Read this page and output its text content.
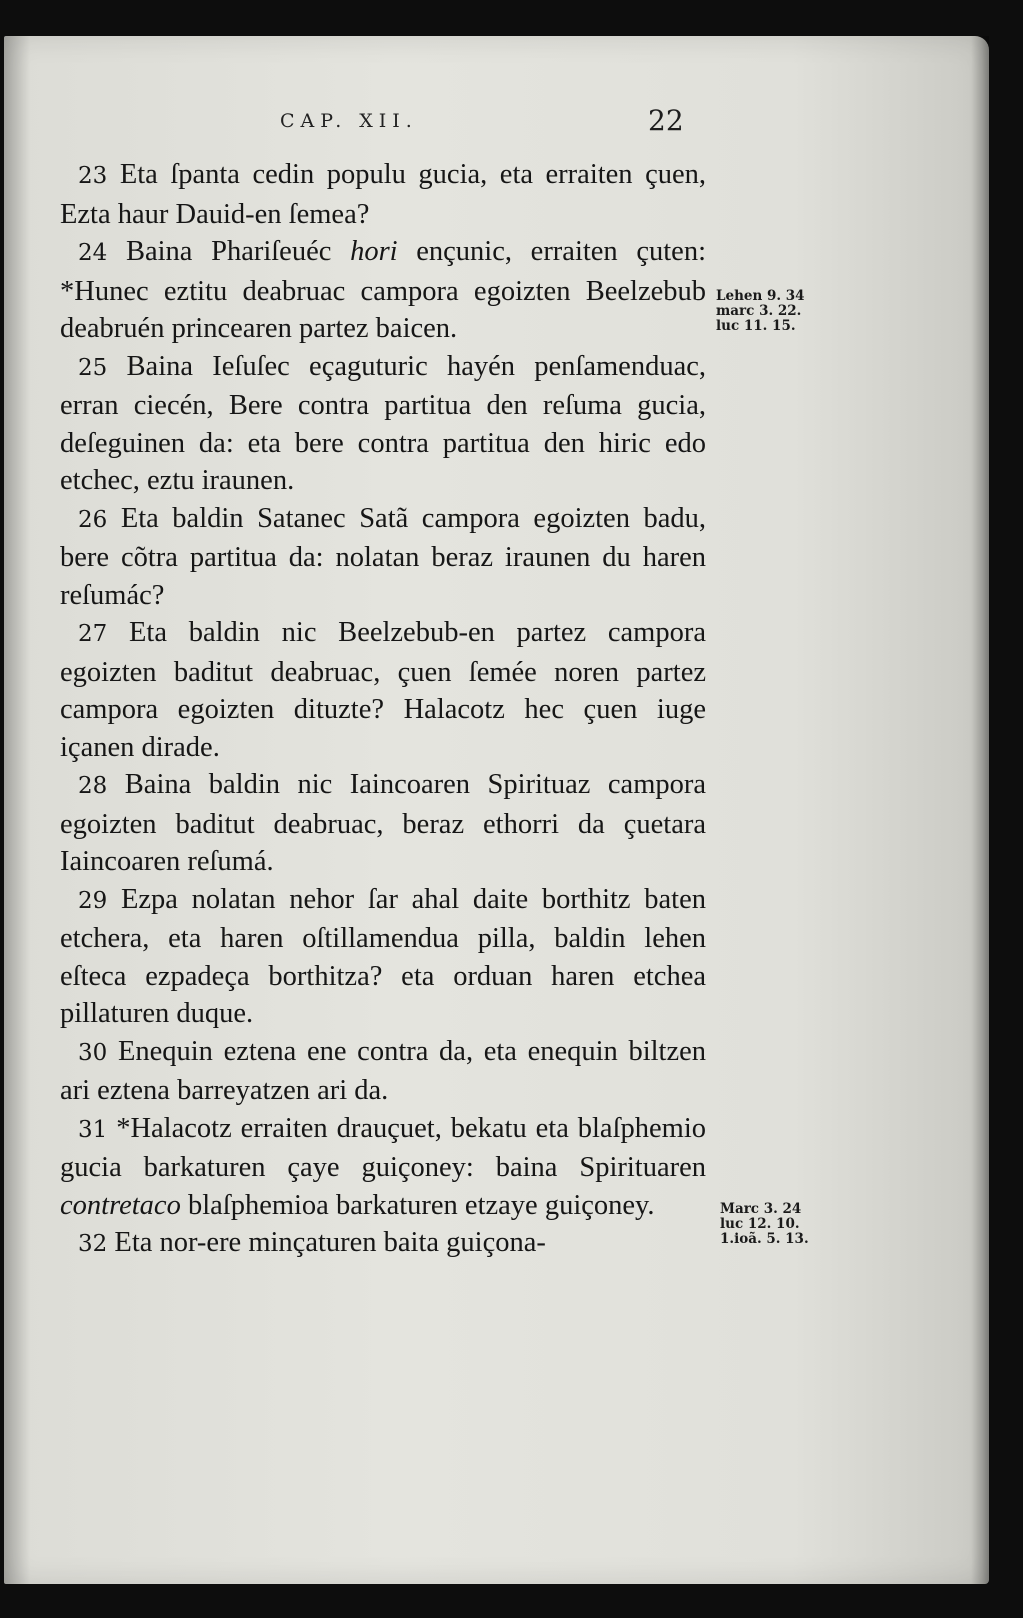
CAP. XII.	22

23 Eta ſpanta cedin populu gucia, eta erraiten çuen, Ezta haur Dauid-en ſemea?

24 Baina Phariſeuéc hori ençunic, erraiten çuten: *Hunec eztitu deabruac campora egoizten Beelzebub deabruén princearen partez baicen.

25 Baina Ieſuſec eçaguturic hayén penſamenduac, erran ciecén, Bere contra partitua den reſuma gucia, deſeguinen da: eta bere contra partitua den hiric edo etchec, eztu iraunen.

26 Eta baldin Satanec Satã campora egoizten badu, bere cõtra partitua da: nolatan beraz iraunen du haren reſumác?

27 Eta baldin nic Beelzebub-en partez campora egoizten baditut deabruac, çuen ſemée noren partez campora egoizten dituzte? Halacotz hec çuen iuge içanen dirade.

28 Baina baldin nic Iaincoaren Spirituaz campora egoizten baditut deabruac, beraz ethorri da çuetara Iaincoaren reſumá.

29 Ezpa nolatan nehor ſar ahal daite borthitz baten etchera, eta haren oſtillamendua pilla, baldin lehen eſteca ezpadeça borthitza? eta orduan haren etchea pillaturen duque.

30 Enequin eztena ene contra da, eta enequin biltzen ari eztena barreyatzen ari da.

31 *Halacotz erraiten drauçuet, bekatu eta blaſphemio gucia barkaturen çaye guiçoney: baina Spirituaren contretaco blaſphemioa barkaturen etzaye guiçoney.

32 Eta nor-ere minçaturen baita guiçona-

Lehen 9. 34
marc 3. 22.
luc 11. 15.
Marc 3. 24
luc 12. 10.
1.ioã. 5. 13.
